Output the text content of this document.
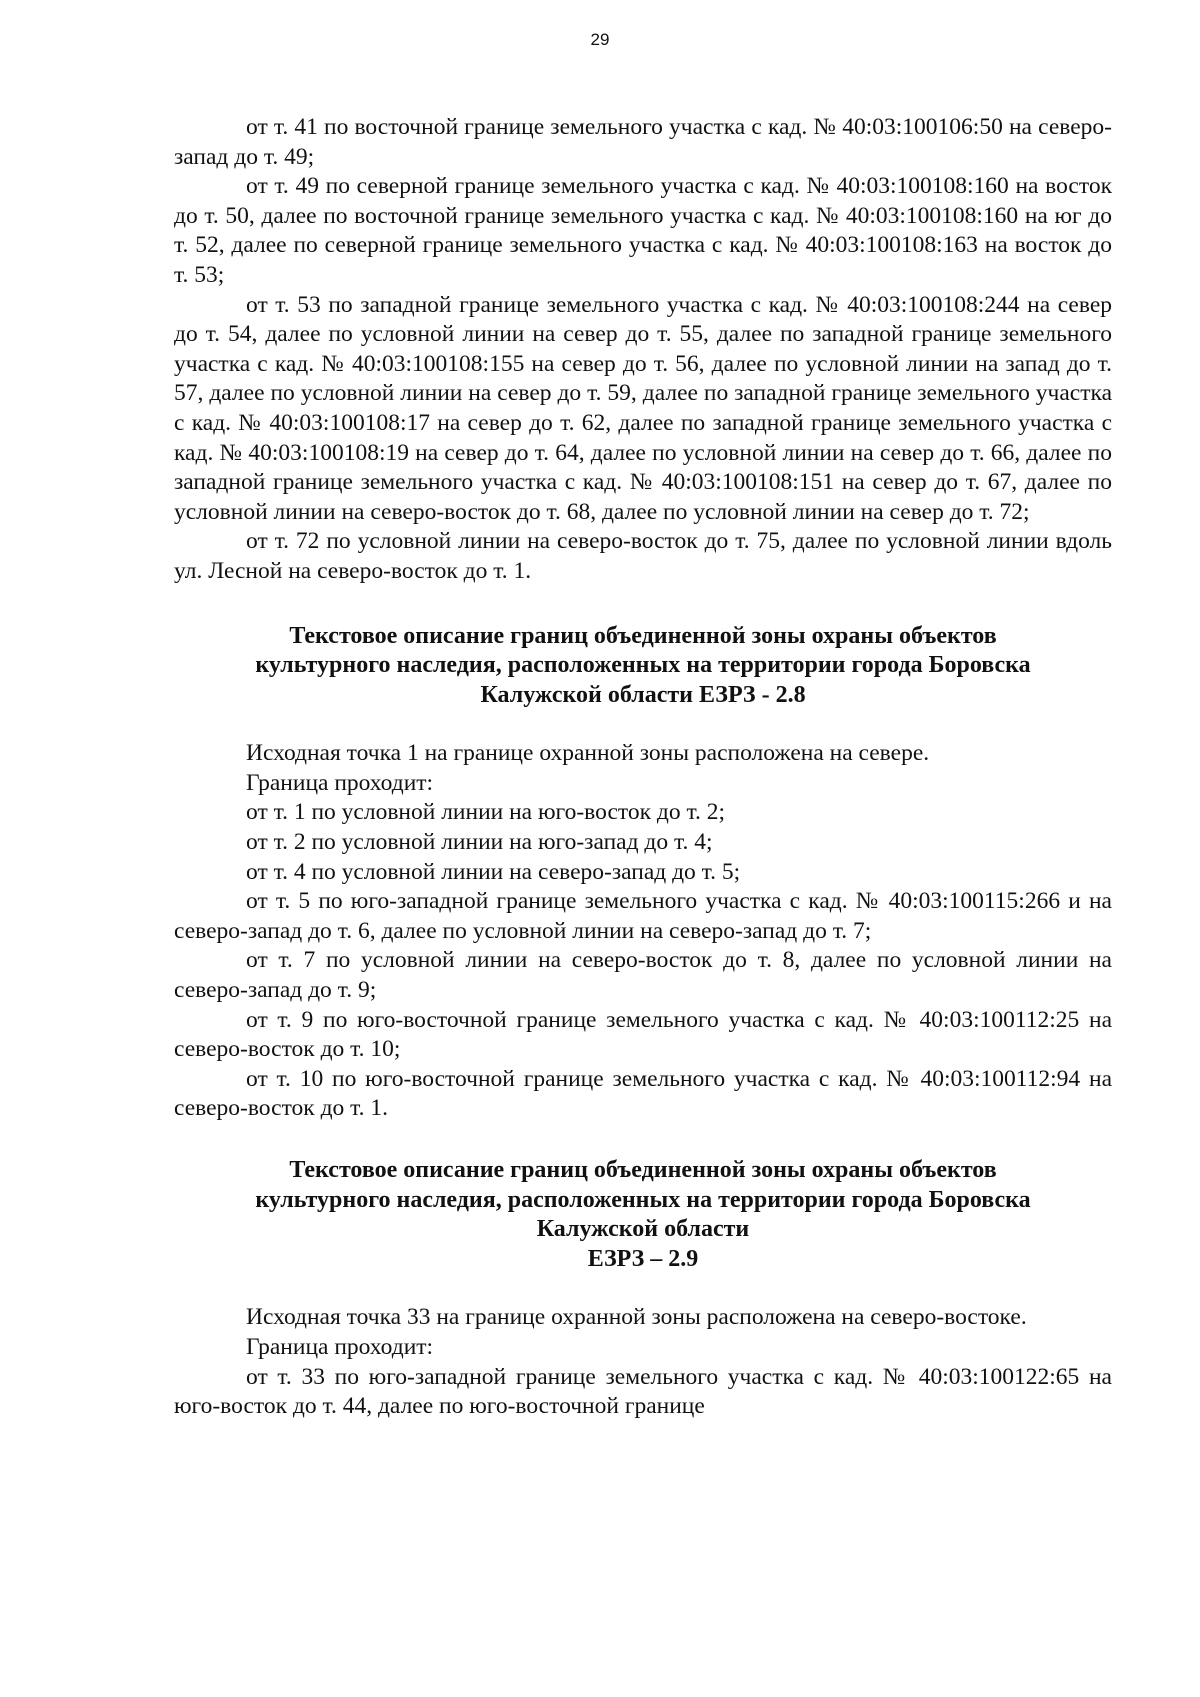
29

от т. 41 по восточной границе земельного участка с кад. № 40:03:100106:50 на северо-запад до т. 49;

от т. 49 по северной границе земельного участка с кад. № 40:03:100108:160 на восток до т. 50, далее по восточной границе земельного участка с кад. № 40:03:100108:160 на юг до т. 52, далее по северной границе земельного участка с кад. № 40:03:100108:163 на восток до т. 53;

от т. 53 по западной границе земельного участка с кад. № 40:03:100108:244 на север до т. 54, далее по условной линии на север до т. 55, далее по западной границе земельного участка с кад. № 40:03:100108:155 на север до т. 56, далее по условной линии на запад до т. 57, далее по условной линии на север до т. 59, далее по западной границе земельного участка с кад. № 40:03:100108:17 на север до т. 62, далее по западной границе земельного участка с кад. № 40:03:100108:19 на север до т. 64, далее по условной линии на север до т. 66, далее по западной границе земельного участка с кад. № 40:03:100108:151 на север до т. 67, далее по условной линии на северо-восток до т. 68, далее по условной линии на север до т. 72;

от т. 72 по условной линии на северо-восток до т. 75, далее по условной линии вдоль ул. Лесной на северо-восток до т. 1.

Текстовое описание границ объединенной зоны охраны объектов
культурного наследия, расположенных на территории города Боровска
Калужской области ЕЗРЗ - 2.8

Исходная точка 1 на границе охранной зоны расположена на севере.

Граница проходит:

от т. 1 по условной линии на юго-восток до т. 2;

от т. 2 по условной линии на юго-запад до т. 4;

от т. 4 по условной линии на северо-запад до т. 5;

от т. 5 по юго-западной границе земельного участка с кад. № 40:03:100115:266 и на северо-запад до т. 6, далее по условной линии на северо-запад до т. 7;

от т. 7 по условной линии на северо-восток до т. 8, далее по условной линии на северо-запад до т. 9;

от т. 9 по юго-восточной границе земельного участка с кад. № 40:03:100112:25 на северо-восток до т. 10;

от т. 10 по юго-восточной границе земельного участка с кад. № 40:03:100112:94 на северо-восток до т. 1.

Текстовое описание границ объединенной зоны охраны объектов
культурного наследия, расположенных на территории города Боровска
Калужской области
ЕЗРЗ – 2.9

Исходная точка 33 на границе охранной зоны расположена на северо-востоке.

Граница проходит:

от т. 33 по юго-западной границе земельного участка с кад. № 40:03:100122:65 на юго-восток до т. 44, далее по юго-восточной границе
